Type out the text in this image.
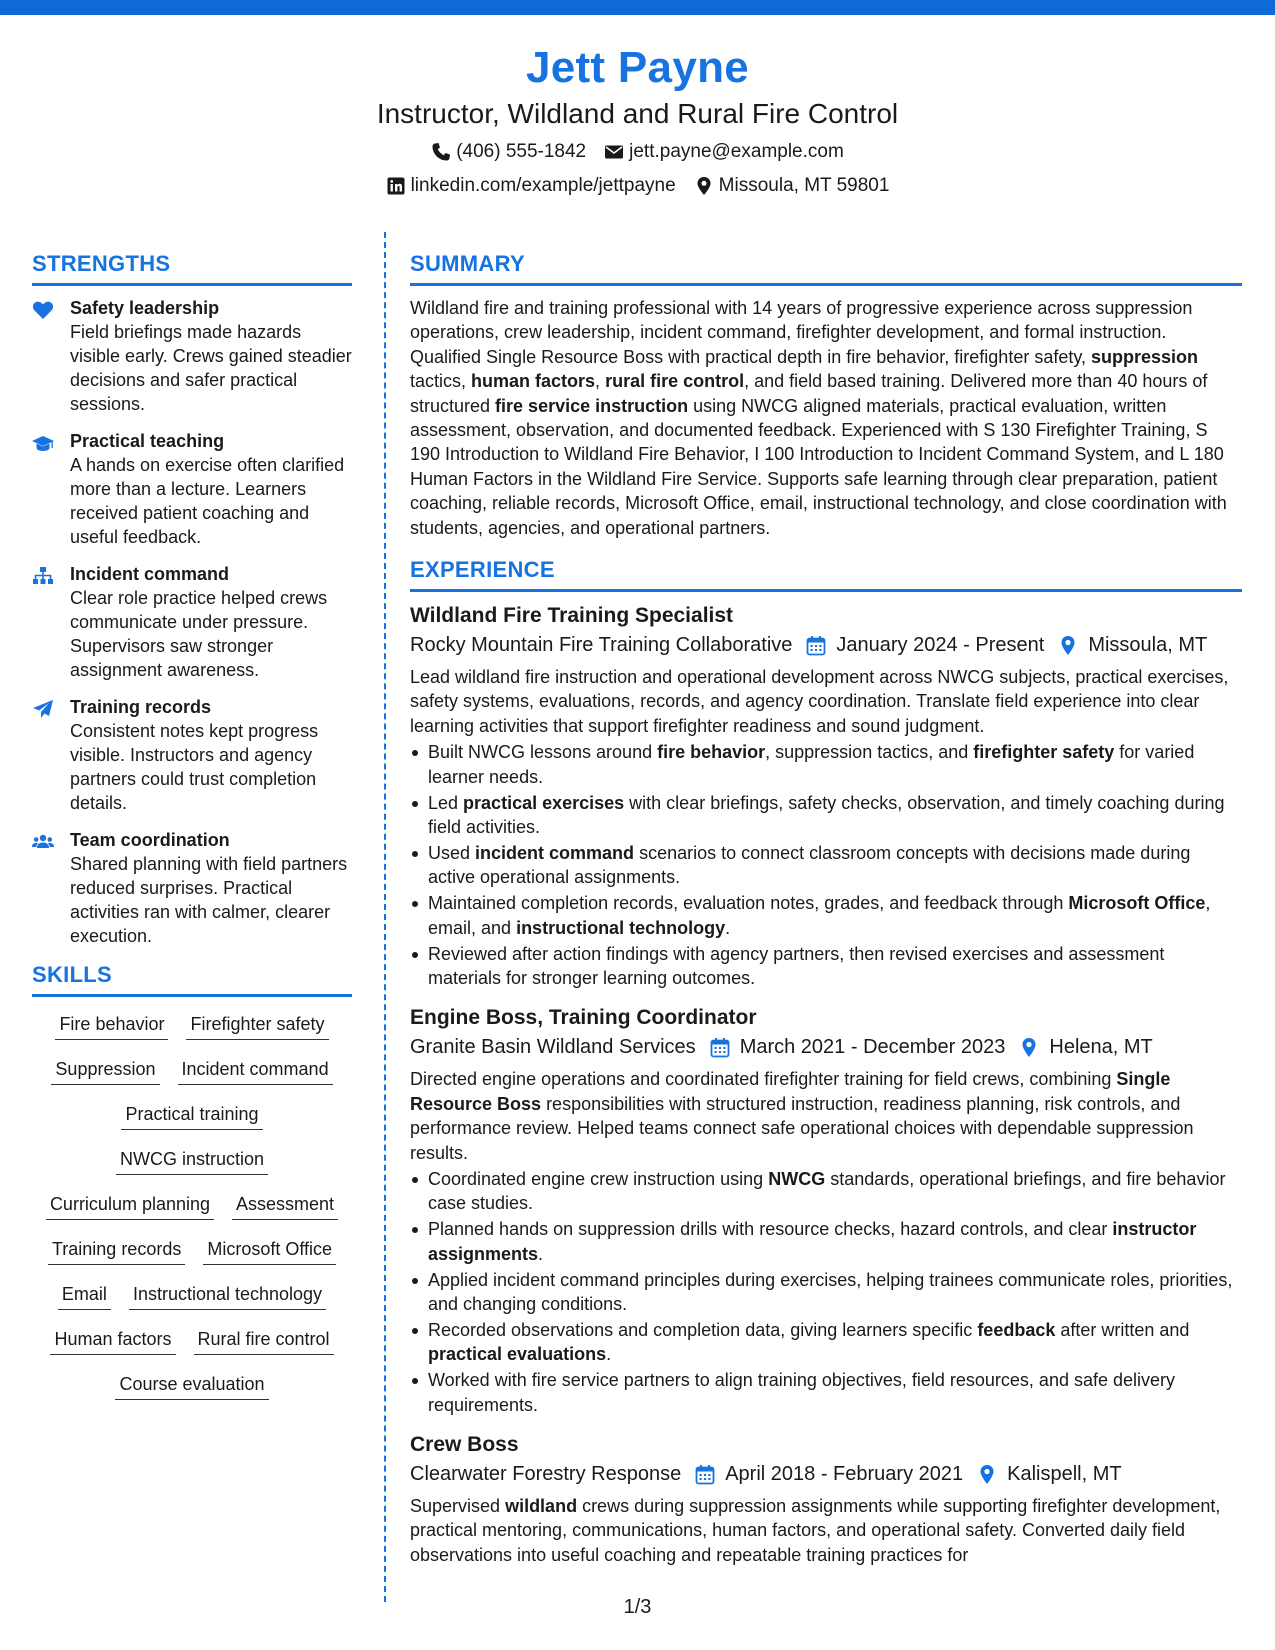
Jett Payne
Instructor, Wildland and Rural Fire Control
(406) 555-1842 jett.payne@example.com
linkedin.com/example/jettpayne Missoula, MT 59801
STRENGTHS
Safety leadership
Field briefings made hazards visible early. Crews gained steadier decisions and safer practical sessions.
Practical teaching
A hands on exercise often clarified more than a lecture. Learners received patient coaching and useful feedback.
Incident command
Clear role practice helped crews communicate under pressure. Supervisors saw stronger assignment awareness.
Training records
Consistent notes kept progress visible. Instructors and agency partners could trust completion details.
Team coordination
Shared planning with field partners reduced surprises. Practical activities ran with calmer, clearer execution.
SKILLS
Fire behavior Firefighter safety
Suppression Incident command
Practical training
NWCG instruction
Curriculum planning Assessment
Training records Microsoft Office
Email Instructional technology
Human factors Rural fire control
Course evaluation
SUMMARY
Wildland fire and training professional with 14 years of progressive experience across suppression operations, crew leadership, incident command, firefighter development, and formal instruction. Qualified Single Resource Boss with practical depth in fire behavior, firefighter safety, suppression tactics, human factors, rural fire control, and field based training. Delivered more than 40 hours of structured fire service instruction using NWCG aligned materials, practical evaluation, written assessment, observation, and documented feedback. Experienced with S 130 Firefighter Training, S 190 Introduction to Wildland Fire Behavior, I 100 Introduction to Incident Command System, and L 180 Human Factors in the Wildland Fire Service. Supports safe learning through clear preparation, patient coaching, reliable records, Microsoft Office, email, instructional technology, and close coordination with students, agencies, and operational partners.
EXPERIENCE
Wildland Fire Training Specialist
Rocky Mountain Fire Training Collaborative January 2024 - Present Missoula, MT
Lead wildland fire instruction and operational development across NWCG subjects, practical exercises, safety systems, evaluations, records, and agency coordination. Translate field experience into clear learning activities that support firefighter readiness and sound judgment.
Built NWCG lessons around fire behavior, suppression tactics, and firefighter safety for varied learner needs.
Led practical exercises with clear briefings, safety checks, observation, and timely coaching during field activities.
Used incident command scenarios to connect classroom concepts with decisions made during active operational assignments.
Maintained completion records, evaluation notes, grades, and feedback through Microsoft Office, email, and instructional technology.
Reviewed after action findings with agency partners, then revised exercises and assessment materials for stronger learning outcomes.
Engine Boss, Training Coordinator
Granite Basin Wildland Services March 2021 - December 2023 Helena, MT
Directed engine operations and coordinated firefighter training for field crews, combining Single Resource Boss responsibilities with structured instruction, readiness planning, risk controls, and performance review. Helped teams connect safe operational choices with dependable suppression results.
Coordinated engine crew instruction using NWCG standards, operational briefings, and fire behavior case studies.
Planned hands on suppression drills with resource checks, hazard controls, and clear instructor assignments.
Applied incident command principles during exercises, helping trainees communicate roles, priorities, and changing conditions.
Recorded observations and completion data, giving learners specific feedback after written and practical evaluations.
Worked with fire service partners to align training objectives, field resources, and safe delivery requirements.
Crew Boss
Clearwater Forestry Response April 2018 - February 2021 Kalispell, MT
Supervised wildland crews during suppression assignments while supporting firefighter development, practical mentoring, communications, human factors, and operational safety. Converted daily field observations into useful coaching and repeatable training practices for
1/3
